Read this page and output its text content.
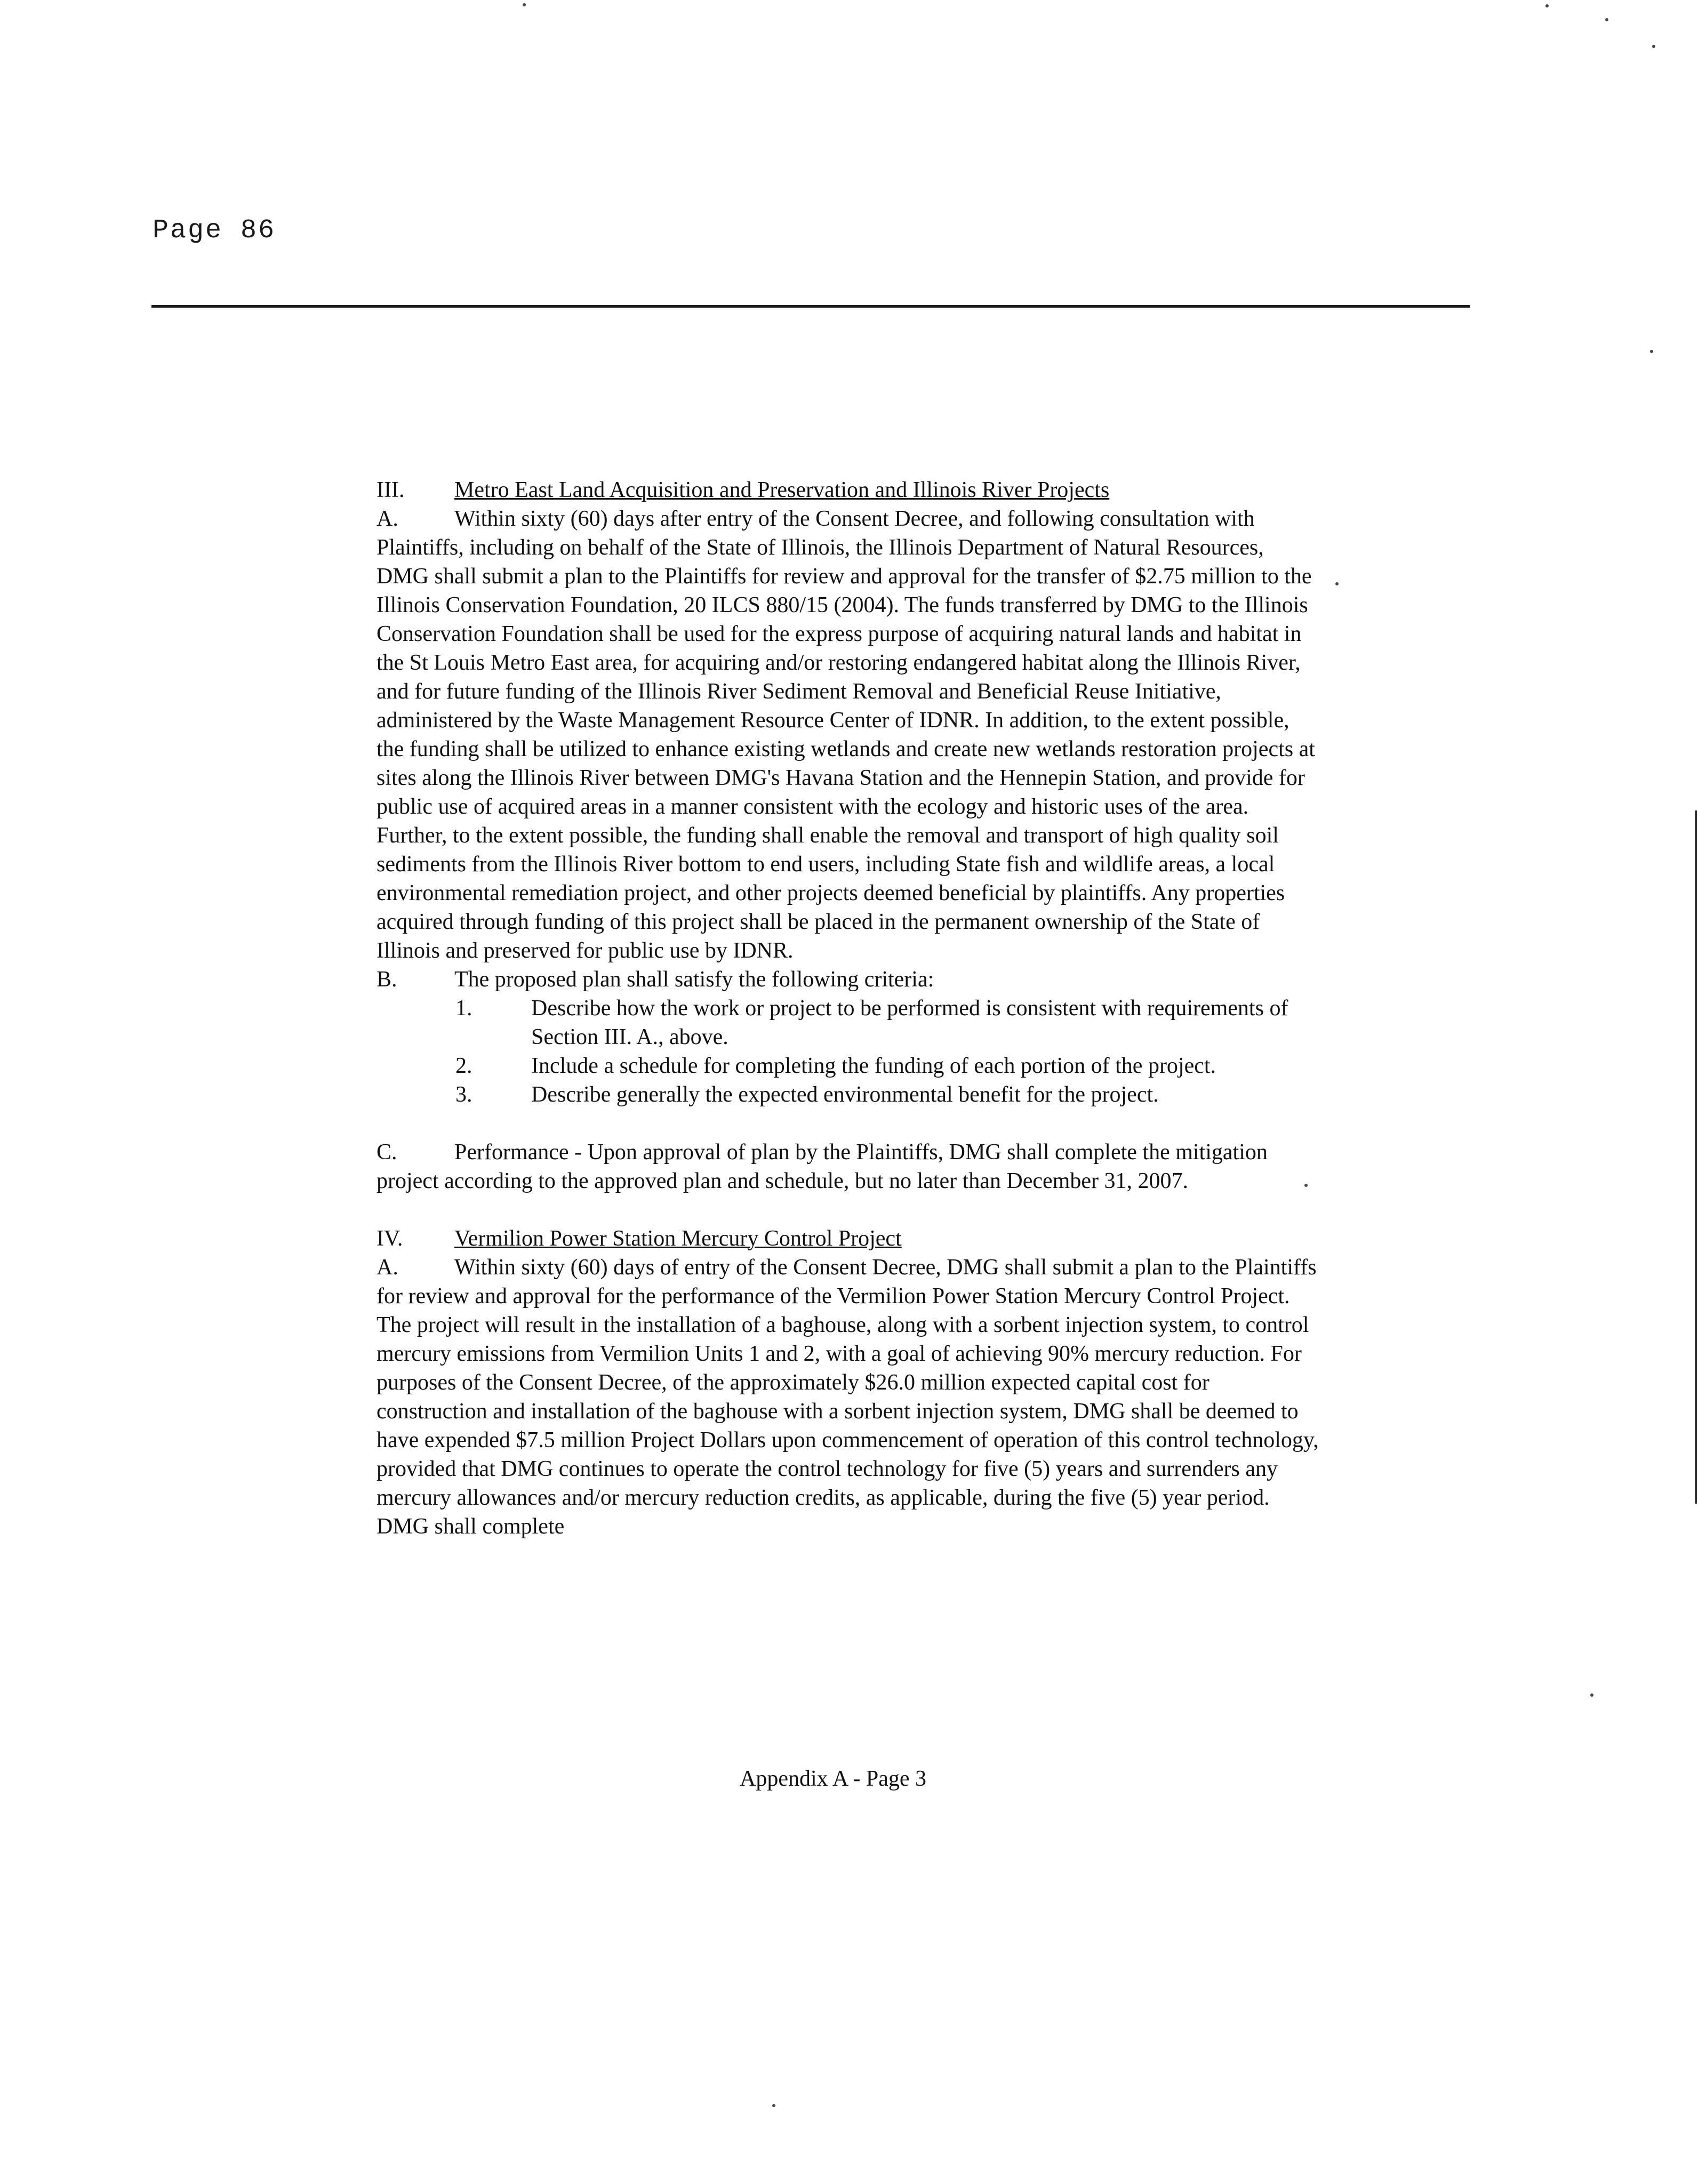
Page 86

III. Metro East Land Acquisition and Preservation and Illinois River Projects

A.	Within sixty (60) days after entry of the Consent Decree, and following consultation with Plaintiffs, including on behalf of the State of Illinois, the Illinois Department of Natural Resources, DMG shall submit a plan to the Plaintiffs for review and approval for the transfer of $2.75 million to the Illinois Conservation Foundation, 20 ILCS 880/15 (2004). The funds transferred by DMG to the Illinois Conservation Foundation shall be used for the express purpose of acquiring natural lands and habitat in the St Louis Metro East area, for acquiring and/or restoring endangered habitat along the Illinois River, and for future funding of the Illinois River Sediment Removal and Beneficial Reuse Initiative, administered by the Waste Management Resource Center of IDNR. In addition, to the extent possible, the funding shall be utilized to enhance existing wetlands and create new wetlands restoration projects at sites along the Illinois River between DMG's Havana Station and the Hennepin Station, and provide for public use of acquired areas in a manner consistent with the ecology and historic uses of the area. Further, to the extent possible, the funding shall enable the removal and transport of high quality soil sediments from the Illinois River bottom to end users, including State fish and wildlife areas, a local environmental remediation project, and other projects deemed beneficial by plaintiffs. Any properties acquired through funding of this project shall be placed in the permanent ownership of the State of Illinois and preserved for public use by IDNR.

B.	The proposed plan shall satisfy the following criteria:

1.	Describe how the work or project to be performed is consistent with requirements of Section III. A., above.

2.	Include a schedule for completing the funding of each portion of the project.

3.	Describe generally the expected environmental benefit for the project.

C.	Performance - Upon approval of plan by the Plaintiffs, DMG shall complete the mitigation project according to the approved plan and schedule, but no later than December 31, 2007.

IV. Vermilion Power Station Mercury Control Project

A.	Within sixty (60) days of entry of the Consent Decree, DMG shall submit a plan to the Plaintiffs for review and approval for the performance of the Vermilion Power Station Mercury Control Project. The project will result in the installation of a baghouse, along with a sorbent injection system, to control mercury emissions from Vermilion Units 1 and 2, with a goal of achieving 90% mercury reduction. For purposes of the Consent Decree, of the approximately $26.0 million expected capital cost for construction and installation of the baghouse with a sorbent injection system, DMG shall be deemed to have expended $7.5 million Project Dollars upon commencement of operation of this control technology, provided that DMG continues to operate the control technology for five (5) years and surrenders any mercury allowances and/or mercury reduction credits, as applicable, during the five (5) year period. DMG shall complete

Appendix A - Page 3
